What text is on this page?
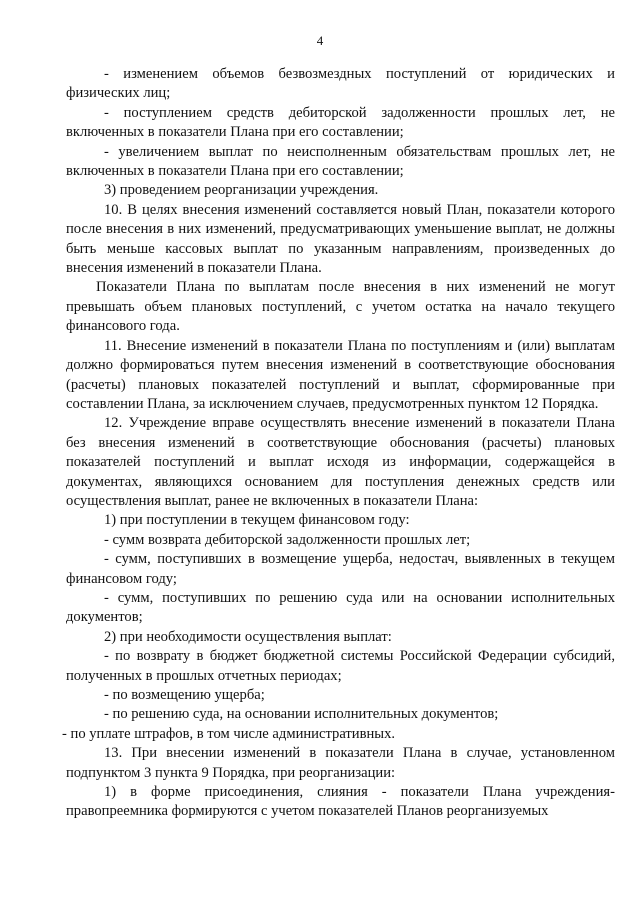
4

- изменением объемов безвозмездных поступлений от юридических и физических лиц;

- поступлением средств дебиторской задолженности прошлых лет, не включенных в показатели Плана при его составлении;

- увеличением выплат по неисполненным обязательствам прошлых лет, не включенных в показатели Плана при его составлении;

3) проведением реорганизации учреждения.

10. В целях внесения изменений составляется новый План, показатели которого после внесения в них изменений, предусматривающих уменьшение выплат, не должны быть меньше кассовых выплат по указанным направлениям, произведенных до внесения изменений в показатели Плана.

Показатели Плана по выплатам после внесения в них изменений не могут превышать объем плановых поступлений, с учетом остатка на начало текущего финансового года.

11. Внесение изменений в показатели Плана по поступлениям и (или) выплатам должно формироваться путем внесения изменений в соответствующие обоснования (расчеты) плановых показателей поступлений и выплат, сформированные при составлении Плана, за исключением случаев, предусмотренных пунктом 12 Порядка.

12. Учреждение вправе осуществлять внесение изменений в показатели Плана без внесения изменений в соответствующие обоснования (расчеты) плановых показателей поступлений и выплат исходя из информации, содержащейся в документах, являющихся основанием для поступления денежных средств или осуществления выплат, ранее не включенных в показатели Плана:

1) при поступлении в текущем финансовом году:

- сумм возврата дебиторской задолженности прошлых лет;

- сумм, поступивших в возмещение ущерба, недостач, выявленных в текущем финансовом году;

- сумм, поступивших по решению суда или на основании исполнительных документов;

2) при необходимости осуществления выплат:

- по возврату в бюджет бюджетной системы Российской Федерации субсидий, полученных в прошлых отчетных периодах;

- по возмещению ущерба;

- по решению суда, на основании исполнительных документов;

- по уплате штрафов, в том числе административных.

13. При внесении изменений в показатели Плана в случае, установленном подпунктом 3 пункта 9 Порядка, при реорганизации:

1) в форме присоединения, слияния - показатели Плана учреждения-правопреемника формируются с учетом показателей Планов реорганизуемых
